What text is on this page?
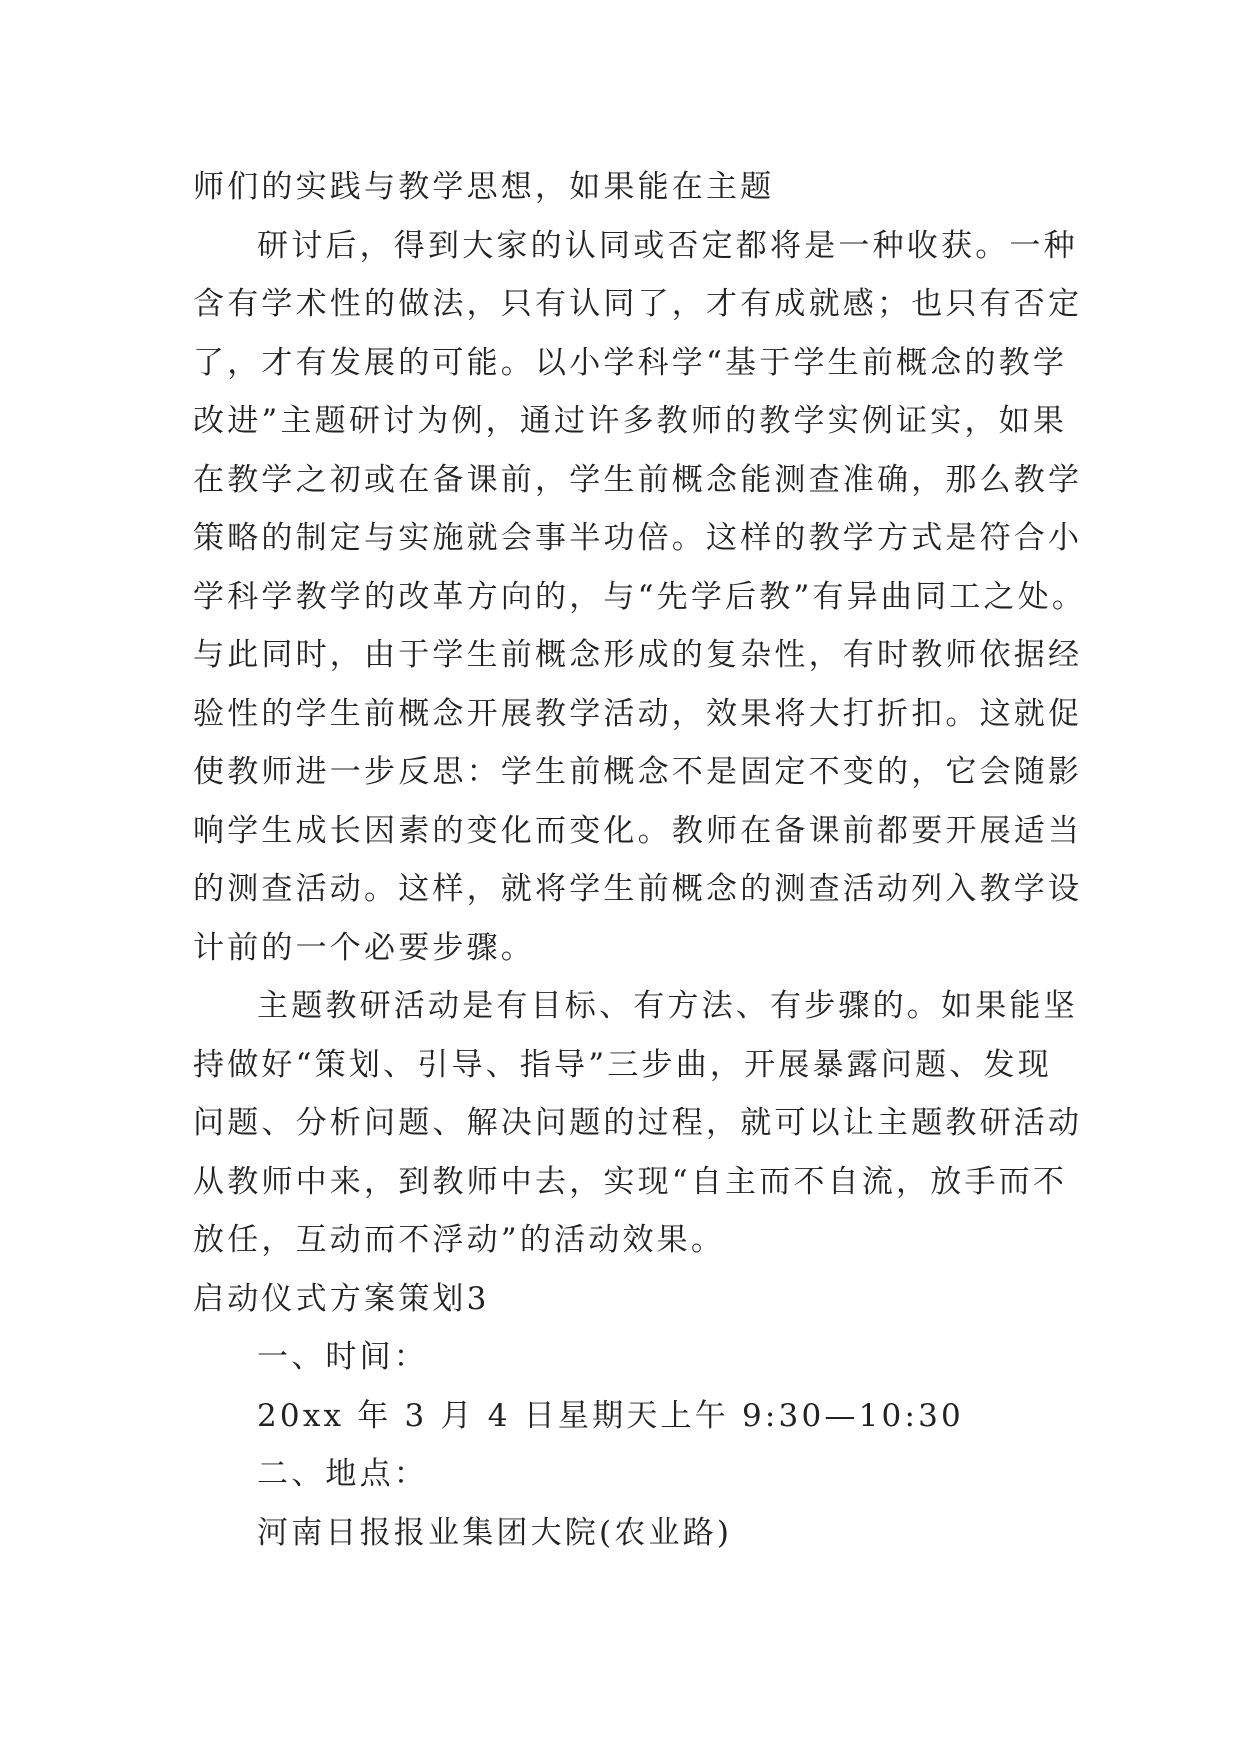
师们的实践与教学思想，如果能在主题
研讨后，得到大家的认同或否定都将是一种收获。一种
含有学术性的做法，只有认同了，才有成就感；也只有否定
了，才有发展的可能。以小学科学“基于学生前概念的教学
改进”主题研讨为例，通过许多教师的教学实例证实，如果
在教学之初或在备课前，学生前概念能测查准确，那么教学
策略的制定与实施就会事半功倍。这样的教学方式是符合小
学科学教学的改革方向的，与“先学后教”有异曲同工之处。
与此同时，由于学生前概念形成的复杂性，有时教师依据经
验性的学生前概念开展教学活动，效果将大打折扣。这就促
使教师进一步反思：学生前概念不是固定不变的，它会随影
响学生成长因素的变化而变化。教师在备课前都要开展适当
的测查活动。这样，就将学生前概念的测查活动列入教学设
计前的一个必要步骤。
主题教研活动是有目标、有方法、有步骤的。如果能坚
持做好“策划、引导、指导”三步曲，开展暴露问题、发现
问题、分析问题、解决问题的过程，就可以让主题教研活动
从教师中来，到教师中去，实现“自主而不自流，放手而不
放任，互动而不浮动”的活动效果。
启动仪式方案策划3
一、时间：
20xx 年 3 月 4 日星期天上午 9:30—10:30
二、地点：
河南日报报业集团大院(农业路)
